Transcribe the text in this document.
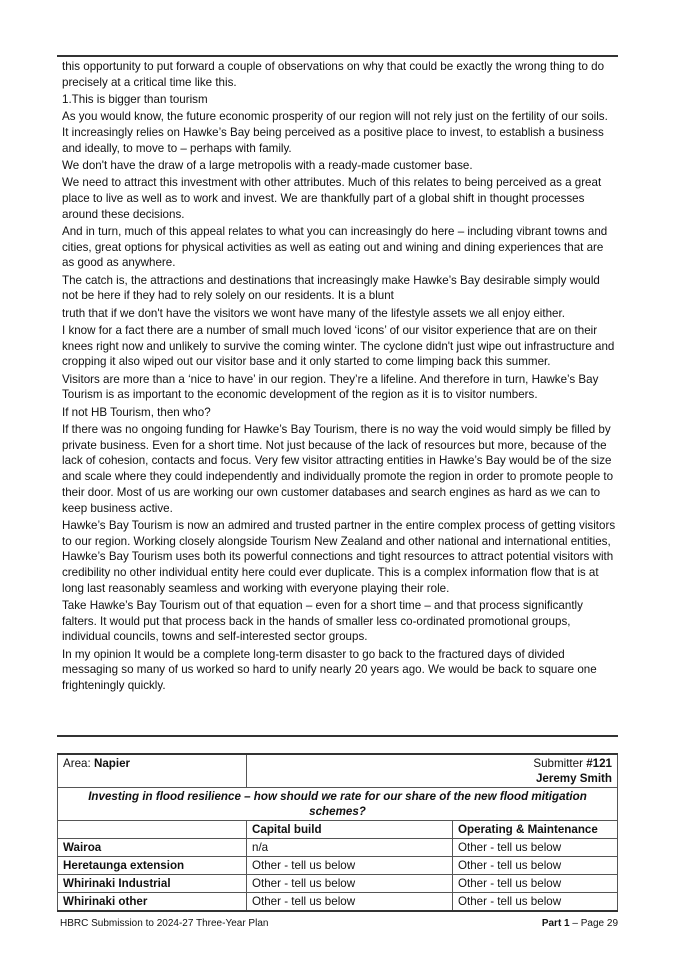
this opportunity to put forward a couple of observations on why that could be exactly the wrong thing to do precisely at a critical time like this.

1.This is bigger than tourism

As you would know, the future economic prosperity of our region will not rely just on the fertility of our soils. It increasingly relies on Hawke’s Bay being perceived as a positive place to invest, to establish a business and ideally, to move to – perhaps with family.

We don't have the draw of a large metropolis with a ready-made customer base.

We need to attract this investment with other attributes. Much of this relates to being perceived as a great place to live as well as to work and invest. We are thankfully part of a global shift in thought processes around these decisions.

And in turn, much of this appeal relates to what you can increasingly do here – including vibrant towns and cities, great options for physical activities as well as eating out and wining and dining experiences that are as good as anywhere.

The catch is, the attractions and destinations that increasingly make Hawke’s Bay desirable simply would not be here if they had to rely solely on our residents. It is a blunt

truth that if we don't have the visitors we wont have many of the lifestyle assets we all enjoy either.

I know for a fact there are a number of small much loved ‘icons’ of our visitor experience that are on their knees right now and unlikely to survive the coming winter. The cyclone didn't just wipe out infrastructure and cropping it also wiped out our visitor base and it only started to come limping back this summer.

Visitors are more than a ‘nice to have’ in our region. They’re a lifeline. And therefore in turn, Hawke’s Bay Tourism is as important to the economic development of the region as it is to visitor numbers.

If not HB Tourism, then who?

If there was no ongoing funding for Hawke’s Bay Tourism, there is no way the void would simply be filled by private business. Even for a short time. Not just because of the lack of resources but more, because of the lack of cohesion, contacts and focus. Very few visitor attracting entities in Hawke’s Bay would be of the size and scale where they could independently and individually promote the region in order to promote people to their door. Most of us are working our own customer databases and search engines as hard as we can to keep business active.

Hawke’s Bay Tourism is now an admired and trusted partner in the entire complex process of getting visitors to our region. Working closely alongside Tourism New Zealand and other national and international entities, Hawke’s Bay Tourism uses both its powerful connections and tight resources to attract potential visitors with credibility no other individual entity here could ever duplicate. This is a complex information flow that is at long last reasonably seamless and working with everyone playing their role.

Take Hawke’s Bay Tourism out of that equation – even for a short time – and that process significantly falters. It would put that process back in the hands of smaller less co-ordinated promotional groups, individual councils, towns and self-interested sector groups.

In my opinion It would be a complete long-term disaster to go back to the fractured days of divided messaging so many of us worked so hard to unify nearly 20 years ago. We would be back to square one frighteningly quickly.

Area: Napier	Submitter #121
Jeremy Smith	

Investing in flood resilience – how should we rate for our share of the new flood mitigation schemes?		
	Capital build	Operating & Maintenance
Wairoa	n/a	Other - tell us below
Heretaunga extension	Other - tell us below	Other - tell us below
Whirinaki Industrial	Other - tell us below	Other - tell us below
Whirinaki other	Other - tell us below	Other - tell us below
HBRC Submission to 2024-27 Three-Year Plan	Part 1 – Page 29
